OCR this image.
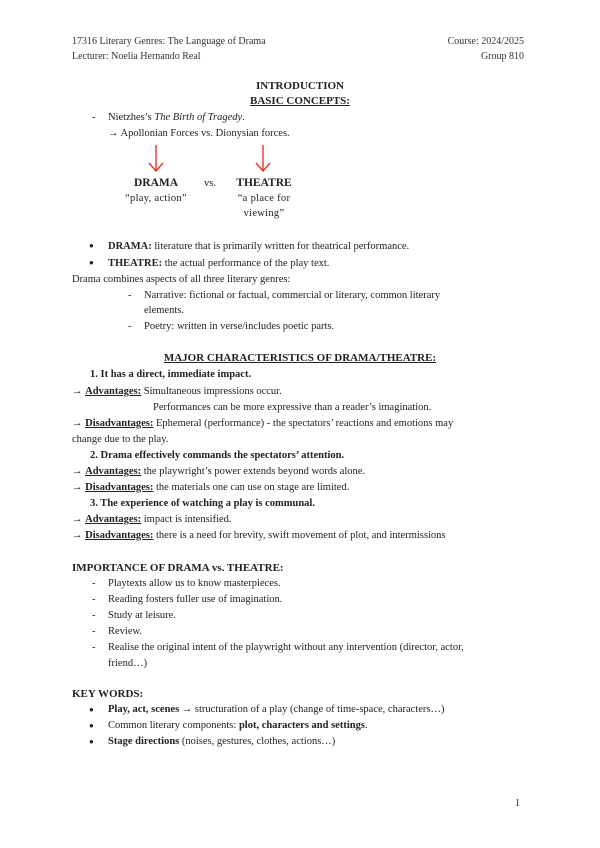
17316 Literary Genres: The Language of Drama
Lecturer: Noelia Hernando Real
Course: 2024/2025
Group 810
INTRODUCTION
BASIC CONCEPTS:
- Nietzhes’s The Birth of Tragedy.
→ Apollonian Forces vs. Dionysian forces.
DRAMA	vs.	THEATRE
“play, action”	“a place for
viewing”
● DRAMA: literature that is primarily written for theatrical performance.
● THEATRE: the actual performance of the play text.
Drama combines aspects of all three literary genres:
- Narrative: fictional or factual, commercial or literary, common literary
elements.
- Poetry: written in verse/includes poetic parts.
MAJOR CHARACTERISTICS OF DRAMA/THEATRE:
1. It has a direct, immediate impact.
→ Advantages: Simultaneous impressions occur.
Performances can be more expressive than a reader’s imagination.
→ Disadvantages: Ephemeral (performance) - the spectators’ reactions and emotions may
change due to the play.
2. Drama effectively commands the spectators’ attention.
→ Advantages: the playwright’s power extends beyond words alone.
→ Disadvantages: the materials one can use on stage are limited.
3. The experience of watching a play is communal.
→ Advantages: impact is intensified.
→ Disadvantages: there is a need for brevity, swift movement of plot, and intermissions
IMPORTANCE OF DRAMA vs. THEATRE:
- Playtexts allow us to know masterpieces.
- Reading fosters fuller use of imagination.
- Study at leisure.
- Review.
- Realise the original intent of the playwright without any intervention (director, actor,
friend…)
KEY WORDS:
● Play, act, scenes → structuration of a play (change of time-space, characters…)
● Common literary components: plot, characters and settings.
● Stage directions (noises, gestures, clothes, actions…)
1
